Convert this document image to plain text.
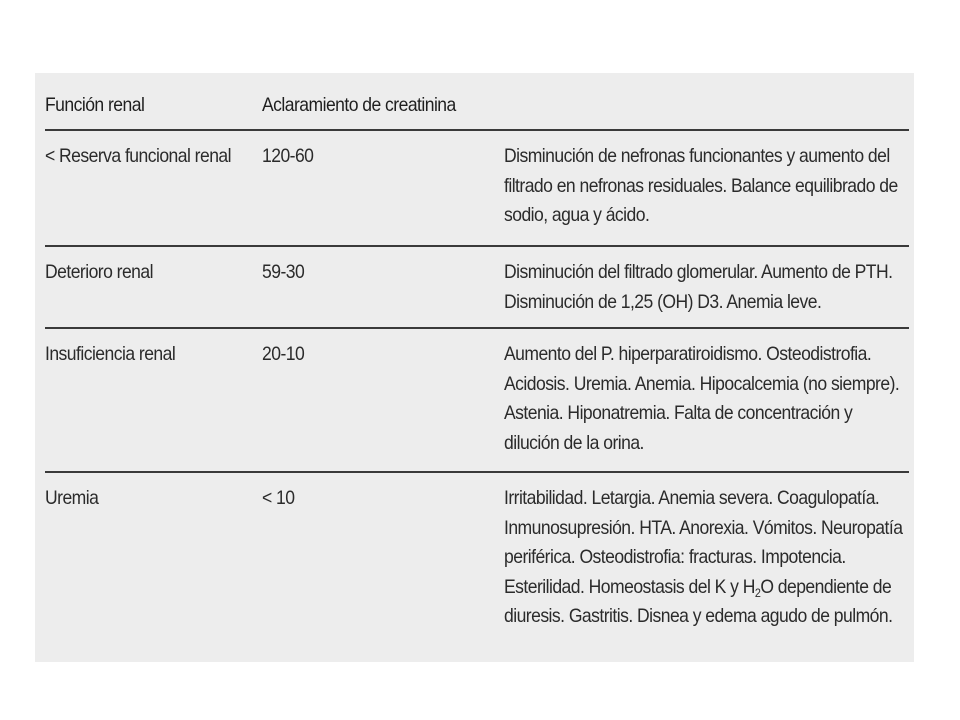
Función renal	Aclaramiento de creatinina
< Reserva funcional renal 120-60	Disminución de nefronas funcionantes y aumento del
filtrado en nefronas residuales. Balance equilibrado de
sodio, agua y ácido.
Deterioro renal	59-30	Disminución del filtrado glomerular. Aumento de PTH.
Disminución de 1,25 (OH) D3. Anemia leve.
Insuficiencia renal	20-10	Aumento del P. hiperparatiroidismo. Osteodistrofia.
Acidosis. Uremia. Anemia. Hipocalcemia (no siempre).
Astenia. Hiponatremia. Falta de concentración y
dilución de la orina.
Uremia	< 10	Irritabilidad. Letargia. Anemia severa. Coagulopatía.
Inmunosupresión. HTA. Anorexia. Vómitos. Neuropatía
periférica. Osteodistrofia: fracturas. Impotencia.
Esterilidad. Homeostasis del K y $H_2O$ dependiente de
diuresis. Gastritis. Disnea y edema agudo de pulmón.
